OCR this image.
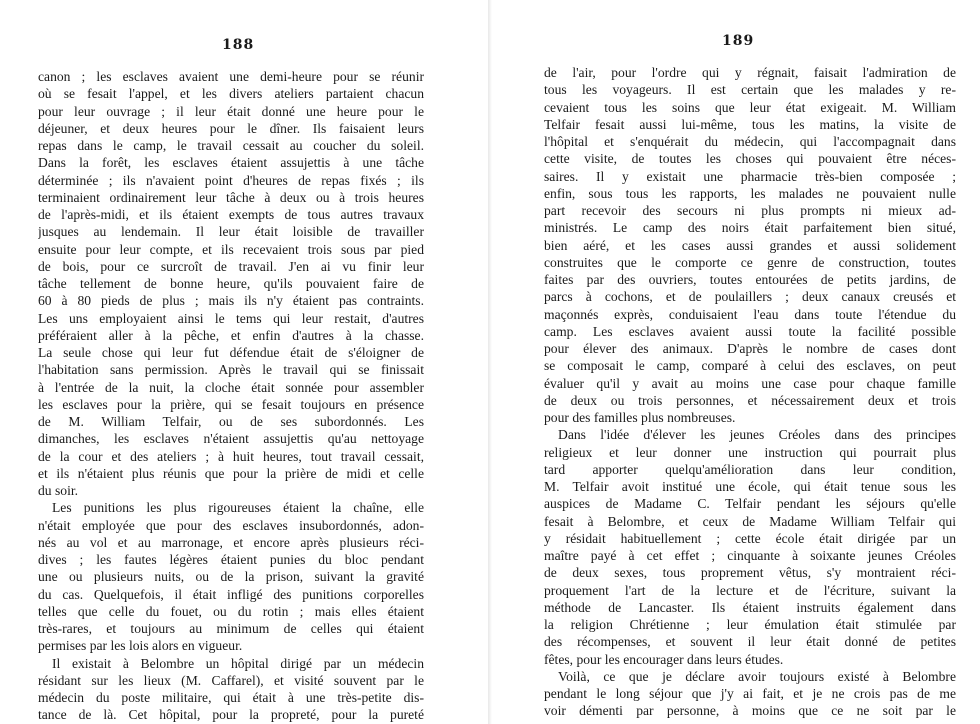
188
canon ; les esclaves avaient une demi-heure pour se réunir
où se fesait l'appel, et les divers ateliers partaient chacun
pour leur ouvrage ; il leur était donné une heure pour le
déjeuner, et deux heures pour le dîner. Ils faisaient leurs
repas dans le camp, le travail cessait au coucher du soleil.
Dans la forêt, les esclaves étaient assujettis à une tâche
déterminée ; ils n'avaient point d'heures de repas fixés ; ils
terminaient ordinairement leur tâche à deux ou à trois heures
de l'après-midi, et ils étaient exempts de tous autres travaux
jusques au lendemain. Il leur était loisible de travailler
ensuite pour leur compte, et ils recevaient trois sous par pied
de bois, pour ce surcroît de travail. J'en ai vu finir leur
tâche tellement de bonne heure, qu'ils pouvaient faire de
60 à 80 pieds de plus ; mais ils n'y étaient pas contraints.
Les uns employaient ainsi le tems qui leur restait, d'autres
préféraient aller à la pêche, et enfin d'autres à la chasse.
La seule chose qui leur fut défendue était de s'éloigner de
l'habitation sans permission. Après le travail qui se finissait
à l'entrée de la nuit, la cloche était sonnée pour assembler
les esclaves pour la prière, qui se fesait toujours en présence
de M. William Telfair, ou de ses subordonnés. Les
dimanches, les esclaves n'étaient assujettis qu'au nettoyage
de la cour et des ateliers ; à huit heures, tout travail cessait,
et ils n'étaient plus réunis que pour la prière de midi et celle
du soir.
Les punitions les plus rigoureuses étaient la chaîne, elle
n'était employée que pour des esclaves insubordonnés, adon-
nés au vol et au marronage, et encore après plusieurs réci-
dives ; les fautes légères étaient punies du bloc pendant
une ou plusieurs nuits, ou de la prison, suivant la gravité
du cas. Quelquefois, il était infligé des punitions corporelles
telles que celle du fouet, ou du rotin ; mais elles étaient
très-rares, et toujours au minimum de celles qui étaient
permises par les lois alors en vigueur.
Il existait à Belombre un hôpital dirigé par un médecin
résidant sur les lieux (M. Caffarel), et visité souvent par le
médecin du poste militaire, qui était à une très-petite dis-
tance de là. Cet hôpital, pour la propreté, pour la pureté
189
de l'air, pour l'ordre qui y régnait, faisait l'admiration de
tous les voyageurs. Il est certain que les malades y re-
cevaient tous les soins que leur état exigeait. M. William
Telfair fesait aussi lui-même, tous les matins, la visite de
l'hôpital et s'enquérait du médecin, qui l'accompagnait dans
cette visite, de toutes les choses qui pouvaient être néces-
saires. Il y existait une pharmacie très-bien composée ;
enfin, sous tous les rapports, les malades ne pouvaient nulle
part recevoir des secours ni plus prompts ni mieux ad-
ministrés. Le camp des noirs était parfaitement bien situé,
bien aéré, et les cases aussi grandes et aussi solidement
construites que le comporte ce genre de construction, toutes
faites par des ouvriers, toutes entourées de petits jardins, de
parcs à cochons, et de poulaillers ; deux canaux creusés et
maçonnés exprès, conduisaient l'eau dans toute l'étendue du
camp. Les esclaves avaient aussi toute la facilité possible
pour élever des animaux. D'après le nombre de cases dont
se composait le camp, comparé à celui des esclaves, on peut
évaluer qu'il y avait au moins une case pour chaque famille
de deux ou trois personnes, et nécessairement deux et trois
pour des familles plus nombreuses.
Dans l'idée d'élever les jeunes Créoles dans des principes
religieux et leur donner une instruction qui pourrait plus
tard apporter quelqu'amélioration dans leur condition,
M. Telfair avoit institué une école, qui était tenue sous les
auspices de Madame C. Telfair pendant les séjours qu'elle
fesait à Belombre, et ceux de Madame William Telfair qui
y résidait habituellement ; cette école était dirigée par un
maître payé à cet effet ; cinquante à soixante jeunes Créoles
de deux sexes, tous proprement vêtus, s'y montraient réci-
proquement l'art de la lecture et de l'écriture, suivant la
méthode de Lancaster. Ils étaient instruits également dans
la religion Chrétienne ; leur émulation était stimulée par
des récompenses, et souvent il leur était donné de petites
fêtes, pour les encourager dans leurs études.
Voilà, ce que je déclare avoir toujours existé à Belombre
pendant le long séjour que j'y ai fait, et je ne crois pas de me
voir démenti par personne, à moins que ce ne soit par le
